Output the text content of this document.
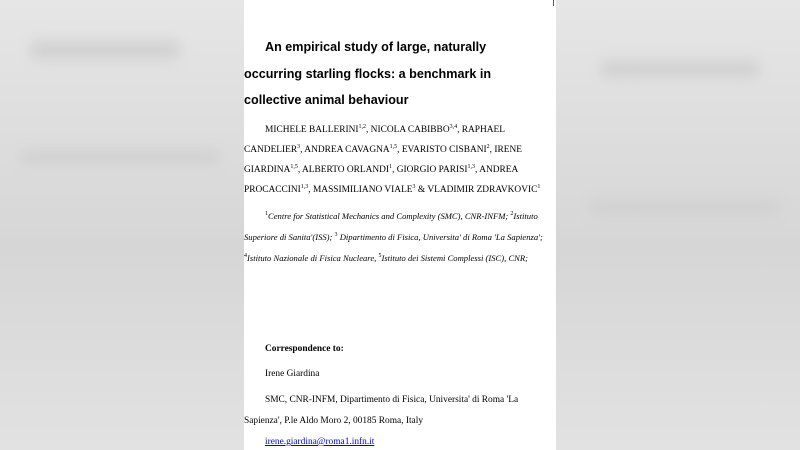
An empirical study of large, naturally occurring starling flocks: a benchmark in collective animal behaviour
MICHELE BALLERINI$^{1,2}$, NICOLA CABIBBO$^{3,4}$, RAPHAEL CANDELIER$^3$, ANDREA CAVAGNA$^{1,5}$, EVARISTO CISBANI$^2$, IRENE GIARDINA$^{1,5}$, ALBERTO ORLANDI$^1$, GIORGIO PARISI$^{1,3}$, ANDREA PROCACCINI$^{1,3}$, MASSIMILIANO VIALE$^3$ & VLADIMIR ZDRAVKOVIC$^1$
$^1$Centre for Statistical Mechanics and Complexity (SMC), CNR-INFM; $^2$Istituto Superiore di Sanita'(ISS); $^3$ Dipartimento di Fisica, Universita' di Roma 'La Sapienza'; $^4$Istituto Nazionale di Fisica Nucleare, $^5$Istituto dei Sistemi Complessi (ISC), CNR;
Correspondence to:
Irene Giardina
SMC, CNR-INFM, Dipartimento di Fisica, Universita' di Roma 'La Sapienza', P.le Aldo Moro 2, 00185 Roma, Italy
irene.giardina@roma1.infn.it
